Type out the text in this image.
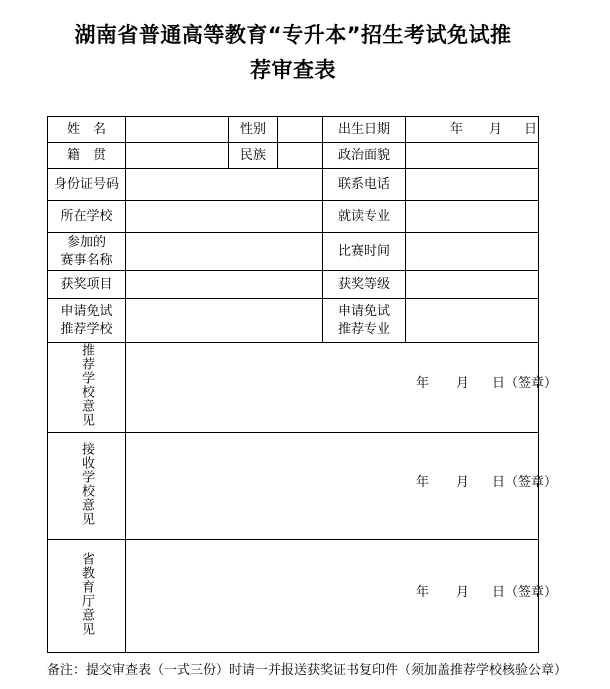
湖南省普通高等教育“专升本”招生考试免试推
荐审查表
姓　名		性别		出生日期	年 月 日

籍　贯		民族		政治面貌	
身份证号码				联系电话	
所在学校				就读专业	

参加的
赛事名称				比赛时间	
获奖项目				获奖等级	

申请免试
推荐学校				申请免试
推荐专业	

推荐学校意见	年 月 日（签章）				

接收学校意见	年 月 日（签章）				

省教育厅意见	年 月 日（签章）				
备注：提交审查表（一式三份）时请一并报送获奖证书复印件（须加盖推荐学校核验公章）
